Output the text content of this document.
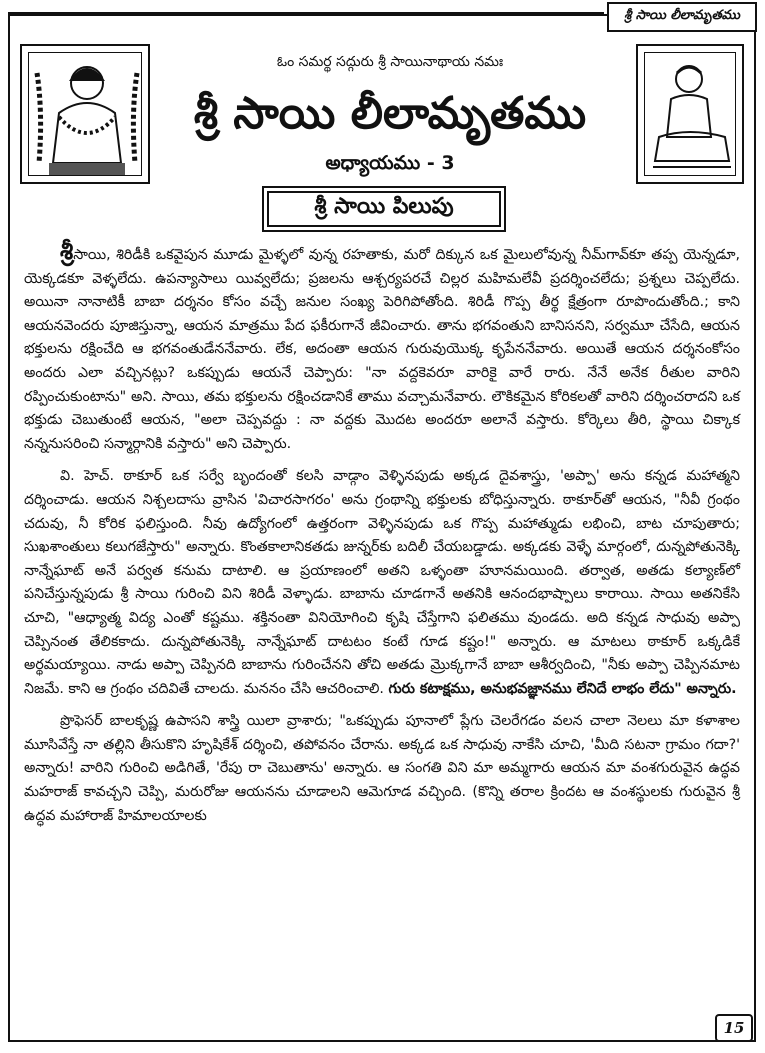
శ్రీ సాయి లీలామృతము
ఓం సమర్థ సద్గురు శ్రీ సాయినాథాయ నమః
శ్రీ సాయి లీలామృతము
అధ్యాయము - 3
శ్రీ సాయి పిలుపు

శ్రీసాయి, శిరిడీకి ఒకవైపున మూడు మైళ్ళలో వున్న రహతాకు, మరో దిక్కున ఒక మైలులోవున్న నీమ్‌గావ్‌కూ తప్ప యెన్నడూ, యెక్కడకూ వెళ్ళలేదు. ఉపన్యాసాలు యివ్వలేదు; ప్రజలను ఆశ్చర్యపరచే చిల్లర మహిమలేవీ ప్రదర్శించలేదు; ప్రశ్నలు చెప్పలేదు. అయినా నానాటికీ బాబా దర్శనం కోసం వచ్చే జనుల సంఖ్య పెరిగిపోతోంది. శిరిడీ గొప్ప తీర్థ క్షేత్రంగా రూపొందుతోంది.; కాని ఆయనవెందరు పూజిస్తున్నా, ఆయన మాత్రము పేద ఫకీరుగానే జీవించారు. తాను భగవంతుని బానిసనని, సర్వమూ చేసేది, ఆయన భక్తులను రక్షించేది ఆ భగవంతుడేననేవారు. లేక, అదంతా ఆయన గురువుయొక్క కృపేననేవారు. అయితే ఆయన దర్శనంకోసం అందరు ఎలా వచ్చినట్లు? ఒకప్పుడు ఆయనే చెప్పారు: "నా వద్దకెవరూ వారికై వారే రారు. నేనే అనేక రీతుల వారిని రప్పించుకుంటాను" అని. సాయి, తమ భక్తులను రక్షించడానికే తాము వచ్చామనేవారు. లౌకికమైన కోరికలతో వారిని దర్శించరాదని ఒక భక్తుడు చెబుతుంటే ఆయన, "అలా చెప్పవద్దు : నా వద్దకు మొదట అందరూ అలానే వస్తారు. కోర్కెలు తీరి, స్థాయి చిక్కాక నన్ననుసరించి సన్మార్గానికి వస్తారు" అని చెప్పారు.

వి. హెచ్. ఠాకూర్ ఒక సర్వే బృందంతో కలసి వాడ్గాం వెళ్ళినపుడు అక్కడ దైవశాస్త్రు, 'అప్పా' అను కన్నడ మహాత్మని దర్శించాడు. ఆయన నిశ్చలదాసు వ్రాసిన 'విచారసాగరం' అను గ్రంథాన్ని భక్తులకు బోధిస్తున్నారు. ఠాకూర్‌తో ఆయన, "నీవీ గ్రంథం చదువు, నీ కోరిక ఫలిస్తుంది. నీవు ఉద్యోగంలో ఉత్తరంగా వెళ్ళినపుడు ఒక గొప్ప మహాత్ముడు లభించి, బాట చూపుతారు; సుఖశాంతులు కలుగజేస్తారు" అన్నారు. కొంతకాలానికతడు జున్నర్‌కు బదిలీ చేయబడ్డాడు. అక్కడకు వెళ్ళే మార్గంలో, దున్నపోతునెక్కి నాన్నేఘాట్ అనే పర్వత కనుమ దాటాలి. ఆ ప్రయాణంలో అతని ఒళ్ళంతా హూనమయింది. తర్వాత, అతడు కల్యాణ్‌లో పనిచేస్తున్నపుడు శ్రీ సాయి గురించి విని శిరిడీ వెళ్ళాడు. బాబాను చూడగానే అతనికి ఆనందభాష్పాలు కారాయి. సాయి అతనికేసి చూచి, "ఆధ్యాత్మ విద్య ఎంతో కష్టము. శక్తినంతా వినియోగించి కృషి చేస్తేగాని ఫలితము వుండదు. అది కన్నడ సాధువు అప్పా చెప్పినంత తేలికకాదు. దున్నపోతునెక్కి నాన్నేఘాట్ దాటటం కంటే గూడ కష్టం!" అన్నారు. ఆ మాటలు ఠాకూర్ ఒక్కడికే అర్థమయ్యాయి. నాడు అప్పా చెప్పినది బాబాను గురించేనని తోచి అతడు మ్రొక్కగానే బాబా ఆశీర్వదించి, "నీకు అప్పా చెప్పినమాట నిజమే. కాని ఆ గ్రంథం చదివితే చాలదు. మననం చేసి ఆచరించాలి. గురు కటాక్షము, అనుభవజ్ఞానము లేనిదే లాభం లేదు" అన్నారు.

ప్రొఫెసర్ బాలకృష్ణ ఉపాసని శాస్త్రి యిలా వ్రాశారు; "ఒకప్పుడు పూనాలో ప్లేగు చెలరేగడం వలన చాలా నెలలు మా కళాశాల మూసివేస్తే నా తల్లిని తీసుకొని హృషికేశ్ దర్శించి, తపోవనం చేరాను. అక్కడ ఒక సాధువు నాకేసి చూచి, 'మీది సటనా గ్రామం గదా?' అన్నారు! వారిని గురించి అడిగితే, 'రేపు రా చెబుతాను' అన్నారు. ఆ సంగతి విని మా అమ్మగారు ఆయన మా వంశగురువైన ఉద్ధవ మహరాజ్ కావచ్చని చెప్పి, మరురోజు ఆయనను చూడాలని ఆమెగూడ వచ్చింది. (కొన్ని తరాల క్రిందట ఆ వంశస్థులకు గురువైన శ్రీ ఉద్ధవ మహారాజ్ హిమాలయాలకు

15
